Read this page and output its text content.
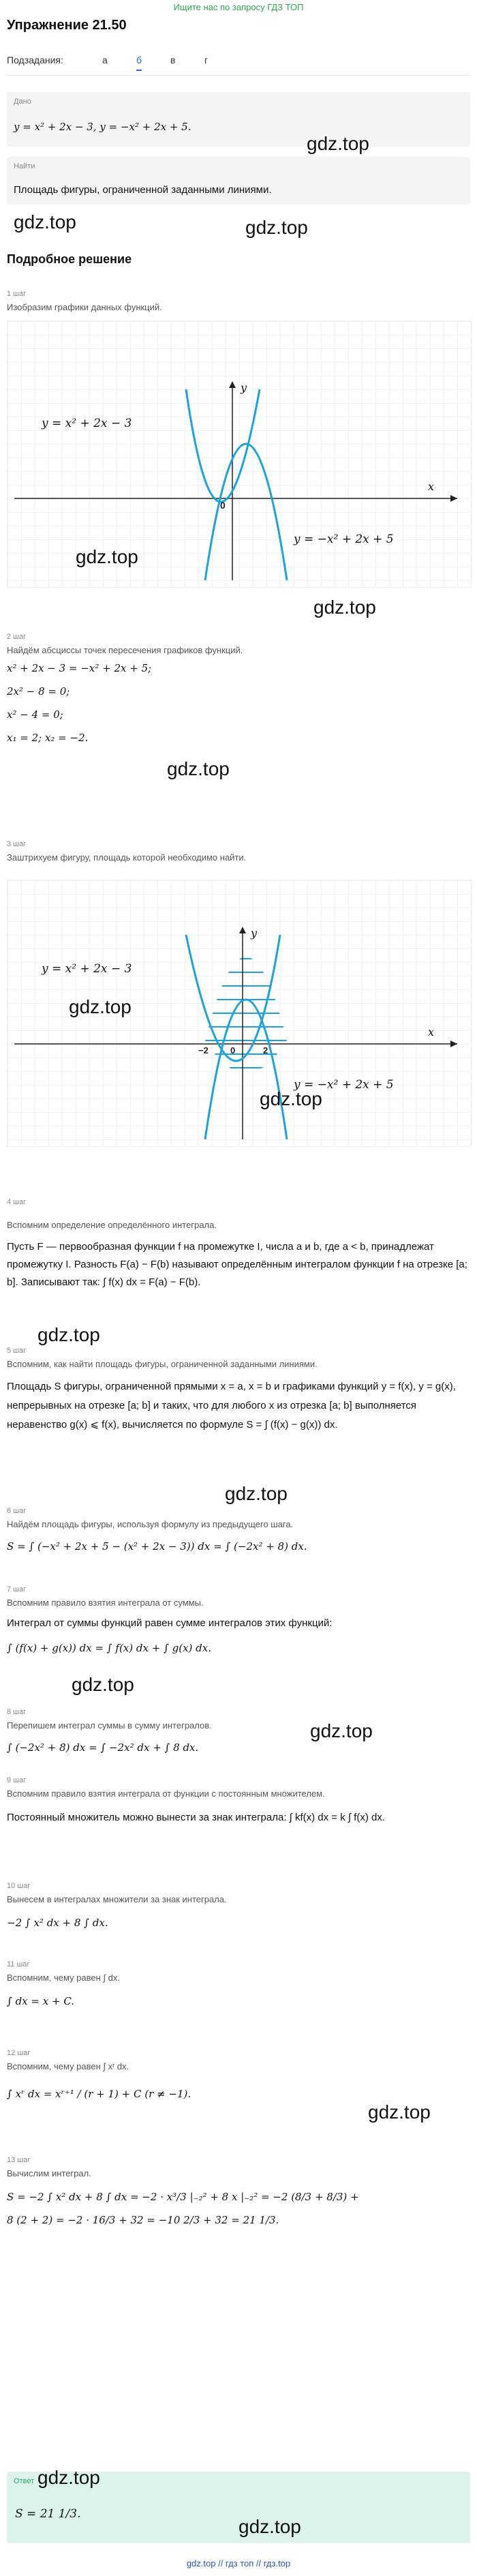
Ищите нас по запросу ГДЗ ТОП
Упражнение 21.50
Подзадания:	а	б	в	г
Дано
y = x² + 2x − 3, y = −x² + 2x + 5.
Найти
Площадь фигуры, ограниченной заданными линиями.
gdz.top
gdz.top	gdz.top
Подробное решение
1 шаг
Изобразим графики данных функций.
y = x² + 2x − 3
y = −x² + 2x + 5
x
y
0
gdz.top
gdz.top
2 шаг
Найдём абсциссы точек пересечения графиков функций.
x² + 2x − 3 = −x² + 2x + 5;
2x² − 8 = 0;
x² − 4 = 0;
x₁ = 2; x₂ = −2.
gdz.top
3 шаг
Заштрихуем фигуру, площадь которой необходимо найти.
y = x² + 2x − 3
y = −x² + 2x + 5
x
y
−2 0	2
gdz.top
gdz.top
4 шаг
Вспомним определение определённого интеграла.
Пусть F — первообразная функции f на промежутке I, числа a и b, где a < b, принадлежат промежутку I. Разность F(a) − F(b) называют определённым интегралом функции f на отрезке [a; b]. Записывают так: ∫ f(x) dx = F(a) − F(b).
gdz.top
5 шаг
Вспомним, как найти площадь фигуры, ограниченной заданными линиями.
Площадь S фигуры, ограниченной прямыми x = a, x = b и графиками функций y = f(x), y = g(x), непрерывных на отрезке [a; b] и таких, что для любого x из отрезка [a; b] выполняется неравенство g(x) ⩽ f(x), вычисляется по формуле S = ∫ (f(x) − g(x)) dx.
gdz.top
6 шаг
Найдём площадь фигуры, используя формулу из предыдущего шага.
S = ∫ (−x² + 2x + 5 − (x² + 2x − 3)) dx = ∫ (−2x² + 8) dx.
7 шаг
Вспомним правило взятия интеграла от суммы.
Интеграл от суммы функций равен сумме интегралов этих функций:
∫ (f(x) + g(x)) dx = ∫ f(x) dx + ∫ g(x) dx.
gdz.top
8 шаг
Перепишем интеграл суммы в сумму интегралов.
∫ (−2x² + 8) dx = ∫ −2x² dx + ∫ 8 dx.
gdz.top
9 шаг
Вспомним правило взятия интеграла от функции с постоянным множителем.
Постоянный множитель можно вынести за знак интеграла: ∫ kf(x) dx = k ∫ f(x) dx.
10 шаг
Вынесем в интегралах множители за знак интеграла.
−2 ∫ x² dx + 8 ∫ dx.
11 шаг
Вспомним, чему равен ∫ dx.
∫ dx = x + C.
12 шаг
Вспомним, чему равен ∫ xʳ dx.
∫ xʳ dx = xʳ⁺¹ / (r + 1) + C (r ≠ −1).
gdz.top
13 шаг
Вычислим интеграл.
S = −2 ∫ x² dx + 8 ∫ dx = −2 · x³/3 |₋₂² + 8 x |₋₂² = −2 (8/3 + 8/3) +
8 (2 + 2) = −2 · 16/3 + 32 = −10 2/3 + 32 = 21 1/3.
Ответ
S = 21 1/3.
gdz.top
gdz.top
gdz.top // гдз топ // гдз.top
